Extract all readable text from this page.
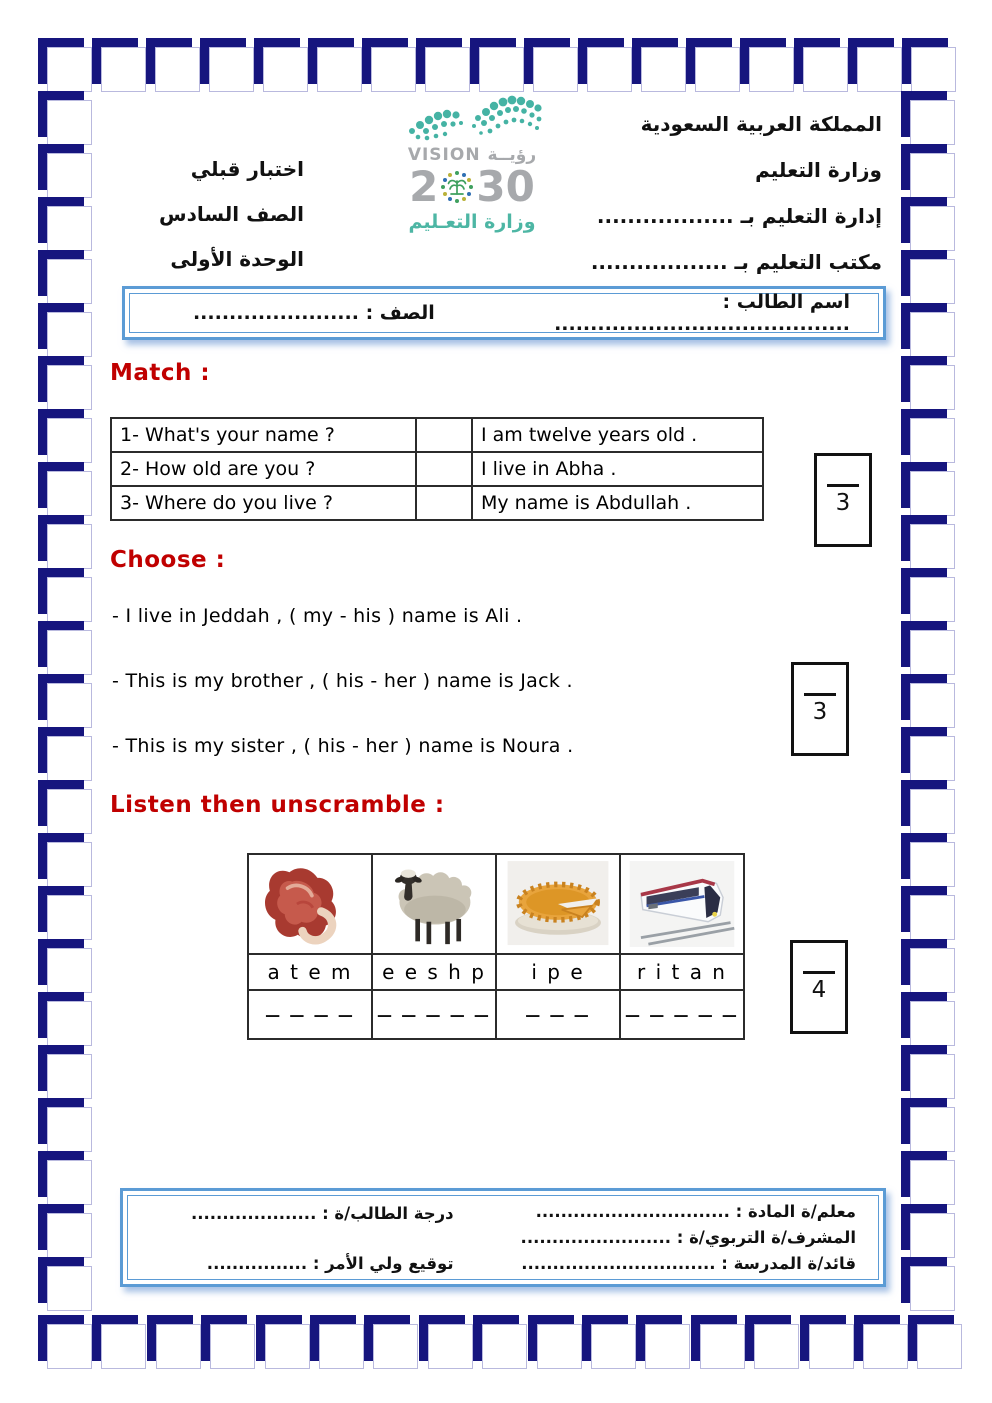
المملكة العربية السعودية
وزارة التعليم
إدارة التعليم بـ ..................
مكتب التعليم بـ ..................
اختبار قبلي
الصف السادس
الوحدة الأولى
VISION رؤيــة
2 30
وزارة التعـليم
اسم الطالب : .........................................
الصف : .......................
Match :
1- What's your name ?		I am twelve years old .
2- How old are you ?		I live in Abha .
3- Where do you live ?		My name is Abdullah .	3
Choose :
- I live in Jeddah , ( my - his ) name is Ali .
- This is my brother , ( his - her ) name is Jack .
- This is my sister , ( his - her ) name is Noura .
3
Listen then unscramble :

a t e m	e e s h p	i p e	r i t a n
— — — —	— — — — —	— — —	— — — — —
4
معلم/ة المادة : ...............................
المشرف/ة التربوي/ة : ........................
قائد/ة المدرسة : ...............................
درجة الطالب/ة : ....................
توقيع ولي الأمر : ................
